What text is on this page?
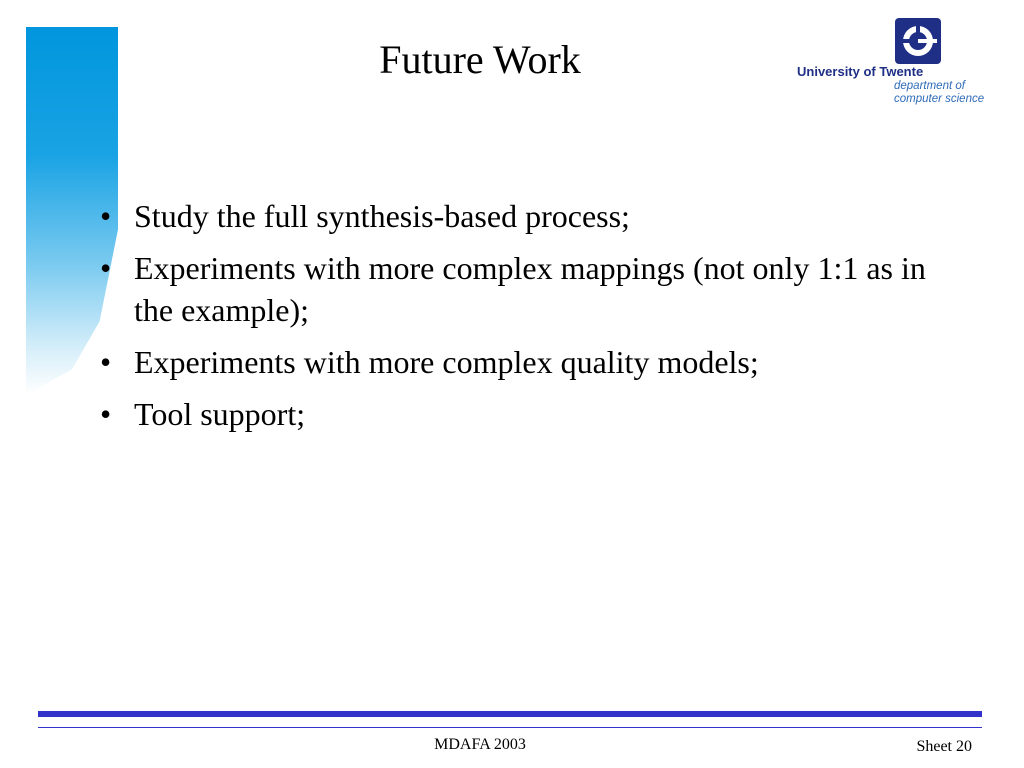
Future Work	University of Twente
department of
computer science
• Study the full synthesis-based process;
• Experiments with more complex mappings (not only 1:1 as in the example);
• Experiments with more complex quality models;
• Tool support;
MDAFA 2003	Sheet 20
